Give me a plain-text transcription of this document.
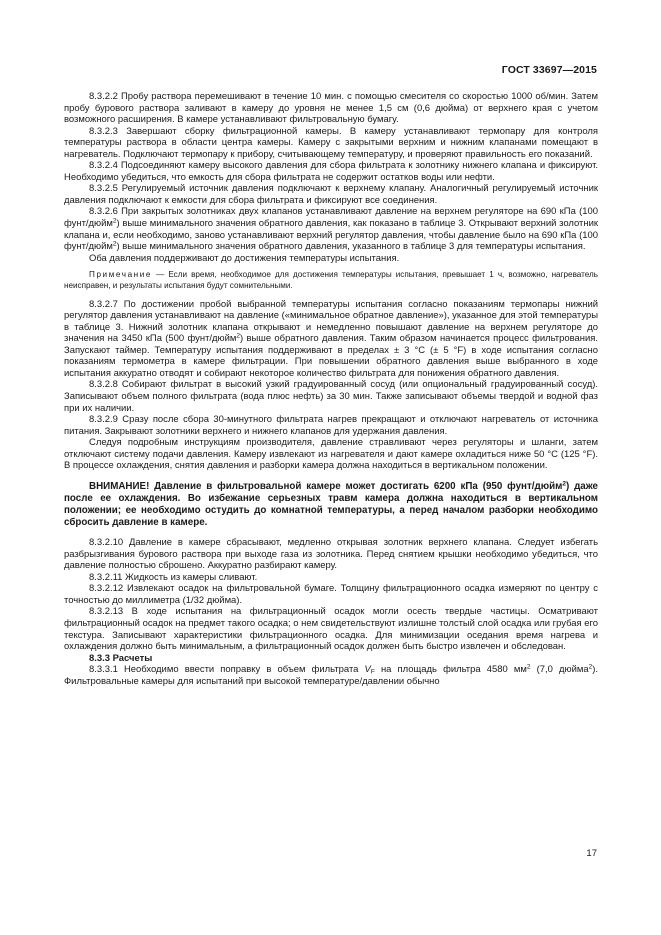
ГОСТ 33697—2015

8.3.2.2 Пробу раствора перемешивают в течение 10 мин. с помощью смесителя со скоростью 1000 об/мин. Затем пробу бурового раствора заливают в камеру до уровня не менее 1,5 см (0,6 дюйма) от верхнего края с учетом возможного расширения. В камере устанавливают фильтровальную бумагу.

8.3.2.3 Завершают сборку фильтрационной камеры. В камеру устанавливают термопару для контроля температуры раствора в области центра камеры. Камеру с закрытыми верхним и нижним клапанами помещают в нагреватель. Подключают термопару к прибору, считывающему температуру, и проверяют правильность его показаний.

8.3.2.4 Подсоединяют камеру высокого давления для сбора фильтрата к золотнику нижнего клапана и фиксируют. Необходимо убедиться, что емкость для сбора фильтрата не содержит остатков воды или нефти.

8.3.2.5 Регулируемый источник давления подключают к верхнему клапану. Аналогичный регулируемый источник давления подключают к емкости для сбора фильтрата и фиксируют все соединения.

8.3.2.6 При закрытых золотниках двух клапанов устанавливают давление на верхнем регуляторе на 690 кПа (100 фунт/дюйм$^2$) выше минимального значения обратного давления, как показано в таблице 3. Открывают верхний золотник клапана и, если необходимо, заново устанавливают верхний регулятор давления, чтобы давление было на 690 кПа (100 фунт/дюйм$^2$) выше минимального значения обратного давления, указанного в таблице 3 для температуры испытания.

Оба давления поддерживают до достижения температуры испытания.

Примечание — Если время, необходимое для достижения температуры испытания, превышает 1 ч, возможно, нагреватель неисправен, и результаты испытания будут сомнительными.

8.3.2.7 По достижении пробой выбранной температуры испытания согласно показаниям термопары нижний регулятор давления устанавливают на давление («минимальное обратное давление»), указанное для этой температуры в таблице 3. Нижний золотник клапана открывают и немедленно повышают давление на верхнем регуляторе до значения на 3450 кПа (500 фунт/дюйм$^2$) выше обратного давления. Таким образом начинается процесс фильтрования. Запускают таймер. Температуру испытания поддерживают в пределах ± 3 °С (± 5 °F) в ходе испытания согласно показаниям термометра в камере фильтрации. При повышении обратного давления выше выбранного в ходе испытания аккуратно отводят и собирают некоторое количество фильтрата для понижения обратного давления.

8.3.2.8 Собирают фильтрат в высокий узкий градуированный сосуд (или опциональный градуированный сосуд). Записывают объем полного фильтрата (вода плюс нефть) за 30 мин. Также записывают объемы твердой и водной фаз при их наличии.

8.3.2.9 Сразу после сбора 30-минутного фильтрата нагрев прекращают и отключают нагреватель от источника питания. Закрывают золотники верхнего и нижнего клапанов для удержания давления.

Следуя подробным инструкциям производителя, давление стравливают через регуляторы и шланги, затем отключают систему подачи давления. Камеру извлекают из нагревателя и дают камере охладиться ниже 50 °С (125 °F). В процессе охлаждения, снятия давления и разборки камера должна находиться в вертикальном положении.

ВНИМАНИЕ! Давление в фильтровальной камере может достигать 6200 кПа (950 фунт/дюйм$^2$) даже после ее охлаждения. Во избежание серьезных травм камера должна находиться в вертикальном положении; ее необходимо остудить до комнатной температуры, а перед началом разборки необходимо сбросить давление в камере.

8.3.2.10 Давление в камере сбрасывают, медленно открывая золотник верхнего клапана. Следует избегать разбрызгивания бурового раствора при выходе газа из золотника. Перед снятием крышки необходимо убедиться, что давление полностью сброшено. Аккуратно разбирают камеру.

8.3.2.11 Жидкость из камеры сливают.

8.3.2.12 Извлекают осадок на фильтровальной бумаге. Толщину фильтрационного осадка измеряют по центру с точностью до миллиметра (1/32 дюйма).

8.3.2.13 В ходе испытания на фильтрационный осадок могли осесть твердые частицы. Осматривают фильтрационный осадок на предмет такого осадка; о нем свидетельствуют излишне толстый слой осадка или грубая его текстура. Записывают характеристики фильтрационного осадка. Для минимизации оседания время нагрева и охлаждения должно быть минимальным, а фильтрационный осадок должен быть быстро извлечен и обследован.

8.3.3 Расчеты

8.3.3.1 Необходимо ввести поправку в объем фильтрата $V_F$ на площадь фильтра 4580 $мм^2$ (7,0 дюйма$^2$). Фильтровальные камеры для испытаний при высокой температуре/давлении обычно

17
